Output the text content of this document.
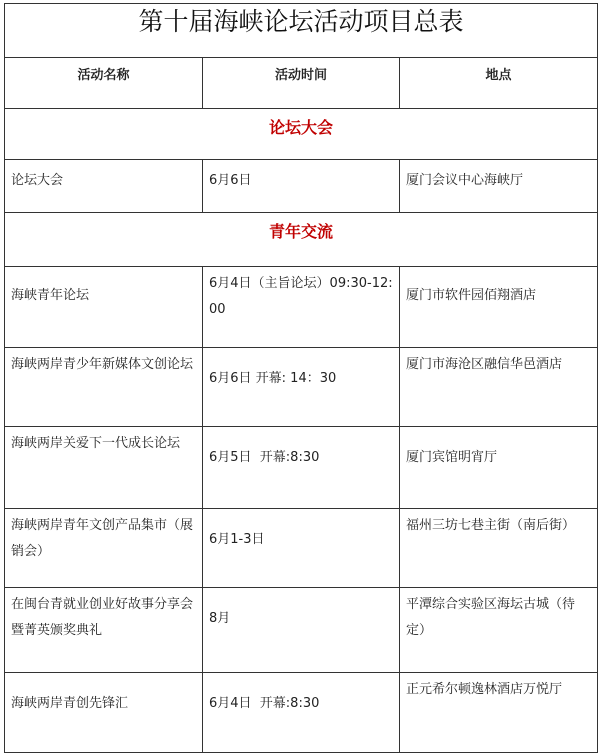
第十届海峡论坛活动项目总表		

活动名称	活动时间	地点

论坛大会		

论坛大会	6月6日	厦门会议中心海峡厅

青年交流		

海峡青年论坛	6月4日（主旨论坛）09:30-12:00	厦门市软件园佰翔酒店

海峡两岸青少年新媒体文创论坛	6月6日 开幕: 14：30	厦门市海沧区融信华邑酒店

海峡两岸关爱下一代成长论坛	6月5日  开幕:8:30	厦门宾馆明宵厅

海峡两岸青年文创产品集市（展销会）	6月1-3日	福州三坊七巷主街（南后街）

在闽台青就业创业好故事分享会暨菁英颁奖典礼	8月	平潭综合实验区海坛古城（待定）

海峡两岸青创先锋汇	6月4日  开幕:8:30	正元希尔顿逸林酒店万悦厅
